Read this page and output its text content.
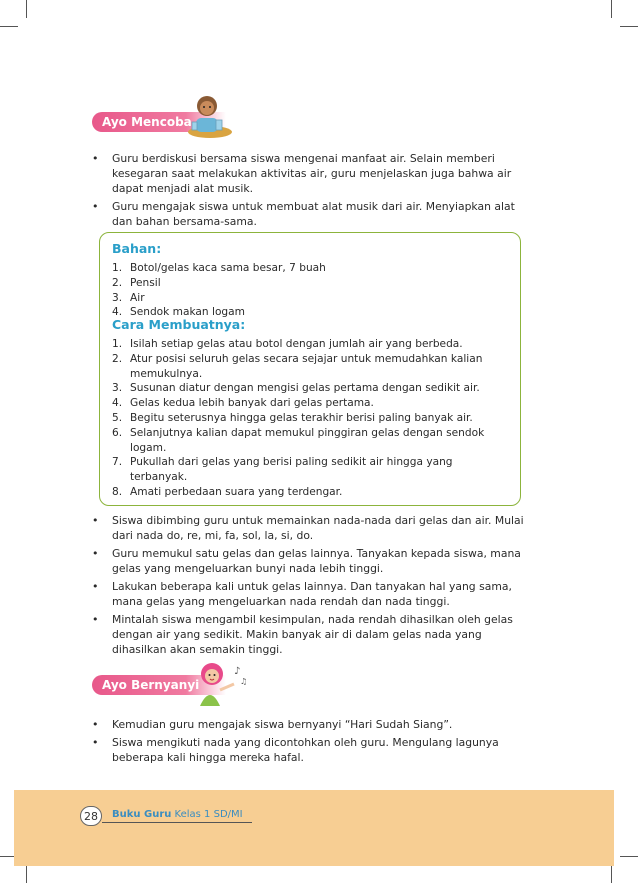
Ayo Mencoba
• Guru berdiskusi bersama siswa mengenai manfaat air. Selain memberi kesegaran saat melakukan aktivitas air, guru menjelaskan juga bahwa air dapat menjadi alat musik.
• Guru mengajak siswa untuk membuat alat musik dari air. Menyiapkan alat dan bahan bersama-sama.
Bahan:
1. Botol/gelas kaca sama besar, 7 buah
2. Pensil
3. Air
4. Sendok makan logam
Cara Membuatnya:
1. Isilah setiap gelas atau botol dengan jumlah air yang berbeda.
2. Atur posisi seluruh gelas secara sejajar untuk memudahkan kalian memukulnya.
3. Susunan diatur dengan mengisi gelas pertama dengan sedikit air.
4. Gelas kedua lebih banyak dari gelas pertama.
5. Begitu seterusnya hingga gelas terakhir berisi paling banyak air.
6. Selanjutnya kalian dapat memukul pinggiran gelas dengan sendok logam.
7. Pukullah dari gelas yang berisi paling sedikit air hingga yang terbanyak.
8. Amati perbedaan suara yang terdengar.
• Siswa dibimbing guru untuk memainkan nada-nada dari gelas dan air. Mulai dari nada do, re, mi, fa, sol, la, si, do.
• Guru memukul satu gelas dan gelas lainnya. Tanyakan kepada siswa, mana gelas yang mengeluarkan bunyi nada lebih tinggi.
• Lakukan beberapa kali untuk gelas lainnya. Dan tanyakan hal yang sama, mana gelas yang mengeluarkan nada rendah dan nada tinggi.
• Mintalah siswa mengambil kesimpulan, nada rendah dihasilkan oleh gelas dengan air yang sedikit. Makin banyak air di dalam gelas nada yang dihasilkan akan semakin tinggi.
Ayo Bernyanyi
♪
♫
• Kemudian guru mengajak siswa bernyanyi “Hari Sudah Siang”.
• Siswa mengikuti nada yang dicontohkan oleh guru. Mengulang lagunya beberapa kali hingga mereka hafal.
28	Buku Guru Kelas 1 SD/MI
